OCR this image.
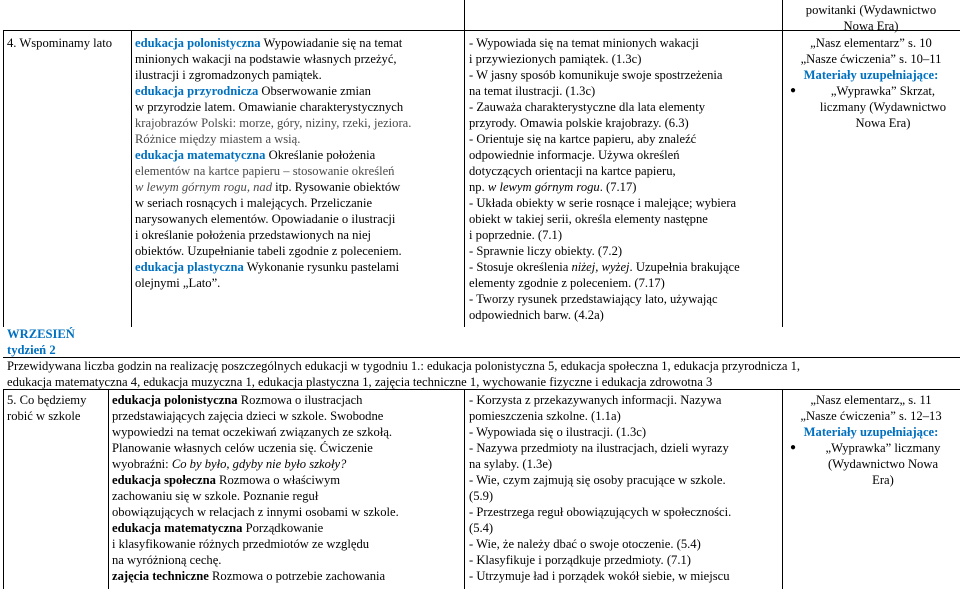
4. Wspominamy lato	edukacja polonistyczna Wypowiadanie się na temat

minionych wakacji na podstawie własnych przeżyć,

ilustracji i zgromadzonych pamiątek.

edukacja przyrodnicza Obserwowanie zmian

w przyrodzie latem. Omawianie charakterystycznych

krajobrazów Polski: morze, góry, niziny, rzeki, jeziora.

Różnice między miastem a wsią.

edukacja matematyczna Określanie położenia

elementów na kartce papieru – stosowanie określeń

w lewym górnym rogu, nad itp. Rysowanie obiektów

w seriach rosnących i malejących. Przeliczanie

narysowanych elementów. Opowiadanie o ilustracji

i określanie położenia przedstawionych na niej

obiektów. Uzupełnianie tabeli zgodnie z poleceniem.

edukacja plastyczna Wykonanie rysunku pastelami

olejnymi „Lato”.

- Wypowiada się na temat minionych wakacji

i przywiezionych pamiątek. (1.3c)

- W jasny sposób komunikuje swoje spostrzeżenia

na temat ilustracji. (1.3c)

- Zauważa charakterystyczne dla lata elementy

przyrody. Omawia polskie krajobrazy. (6.3)

- Orientuje się na kartce papieru, aby znaleźć

odpowiednie informacje. Używa określeń

dotyczących orientacji na kartce papieru,

np. w lewym górnym rogu. (7.17)

- Układa obiekty w serie rosnące i malejące; wybiera

obiekt w takiej serii, określa elementy następne

i poprzednie. (7.1)

- Sprawnie liczy obiekty. (7.2)

- Stosuje określenia niżej, wyżej. Uzupełnia brakujące

elementy zgodnie z poleceniem. (7.17)

- Tworzy rysunek przedstawiający lato, używając

odpowiednich barw. (4.2a)

powitanki (Wydawnictwo

Nowa Era)

„Nasz elementarz” s. 10

„Nasze ćwiczenia” s. 10–11

Materiały uzupełniające:

● „Wyprawka” Skrzat,

liczmany (Wydawnictwo

Nowa Era)

WRZESIEŃ
tydzień 2

Przewidywana liczba godzin na realizację poszczególnych edukacji w tygodniu 1.: edukacja polonistyczna 5, edukacja społeczna 1, edukacja przyrodnicza 1,

edukacja matematyczna 4, edukacja muzyczna 1, edukacja plastyczna 1, zajęcia techniczne 1, wychowanie fizyczne i edukacja zdrowotna 3

5. Co będziemy robić w szkole

edukacja polonistyczna Rozmowa o ilustracjach

przedstawiających zajęcia dzieci w szkole. Swobodne

wypowiedzi na temat oczekiwań związanych ze szkołą.

Planowanie własnych celów uczenia się. Ćwiczenie

wyobraźni: Co by było, gdyby nie było szkoły?

edukacja społeczna Rozmowa o właściwym

zachowaniu się w szkole. Poznanie reguł

obowiązujących w relacjach z innymi osobami w szkole.

edukacja matematyczna Porządkowanie

i klasyfikowanie różnych przedmiotów ze względu

na wyróżnioną cechę.

zajęcia techniczne Rozmowa o potrzebie zachowania

- Korzysta z przekazywanych informacji. Nazywa

pomieszczenia szkolne. (1.1a)

- Wypowiada się o ilustracji. (1.3c)

- Nazywa przedmioty na ilustracjach, dzieli wyrazy

na sylaby. (1.3e)

- Wie, czym zajmują się osoby pracujące w szkole.

(5.9)

- Przestrzega reguł obowiązujących w społeczności.

(5.4)

- Wie, że należy dbać o swoje otoczenie. (5.4)

- Klasyfikuje i porządkuje przedmioty. (7.1)

- Utrzymuje ład i porządek wokół siebie, w miejscu

„Nasz elementarz„ s. 11

„Nasze ćwiczenia” s. 12–13

Materiały uzupełniające:

● „Wyprawka” liczmany

(Wydawnictwo Nowa

Era)
